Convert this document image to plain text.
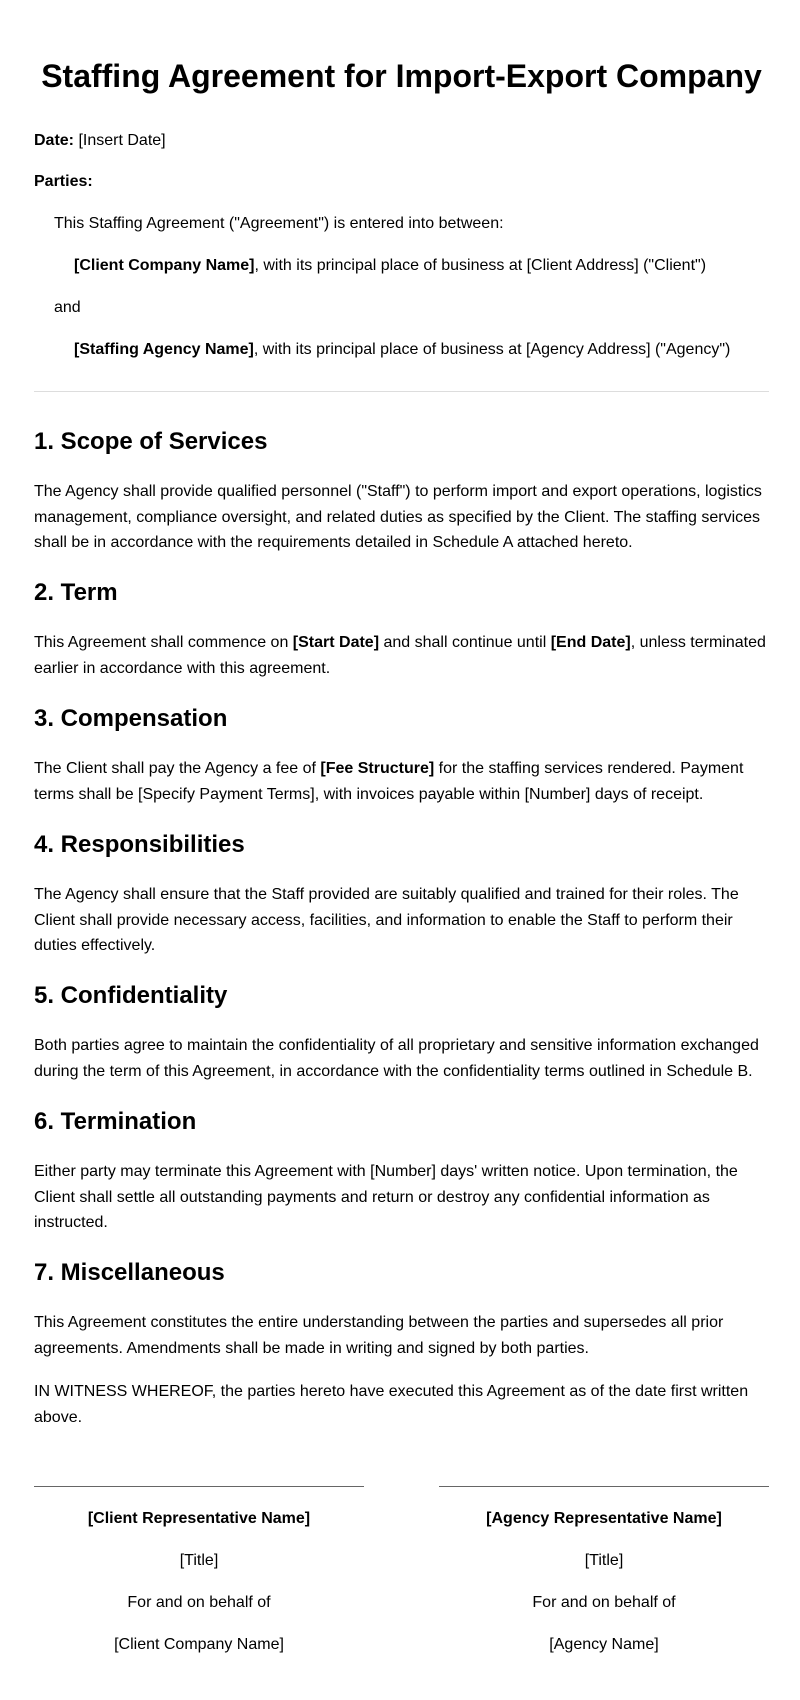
Staffing Agreement for Import-Export Company
Date: [Insert Date]
Parties:
This Staffing Agreement ("Agreement") is entered into between:
[Client Company Name], with its principal place of business at [Client Address] ("Client")
and
[Staffing Agency Name], with its principal place of business at [Agency Address] ("Agency")
1. Scope of Services

The Agency shall provide qualified personnel ("Staff") to perform import and export operations, logistics management, compliance oversight, and related duties as specified by the Client. The staffing services shall be in accordance with the requirements detailed in Schedule A attached hereto.

2. Term

This Agreement shall commence on [Start Date] and shall continue until [End Date], unless terminated earlier in accordance with this agreement.

3. Compensation

The Client shall pay the Agency a fee of [Fee Structure] for the staffing services rendered. Payment terms shall be [Specify Payment Terms], with invoices payable within [Number] days of receipt.

4. Responsibilities

The Agency shall ensure that the Staff provided are suitably qualified and trained for their roles. The Client shall provide necessary access, facilities, and information to enable the Staff to perform their duties effectively.

5. Confidentiality

Both parties agree to maintain the confidentiality of all proprietary and sensitive information exchanged during the term of this Agreement, in accordance with the confidentiality terms outlined in Schedule B.

6. Termination

Either party may terminate this Agreement with [Number] days' written notice. Upon termination, the Client shall settle all outstanding payments and return or destroy any confidential information as instructed.

7. Miscellaneous

This Agreement constitutes the entire understanding between the parties and supersedes all prior agreements. Amendments shall be made in writing and signed by both parties.

IN WITNESS WHEREOF, the parties hereto have executed this Agreement as of the date first written above.

[Client Representative Name]
[Title]
For and on behalf of
[Client Company Name]
[Agency Representative Name]
[Title]
For and on behalf of
[Agency Name]
